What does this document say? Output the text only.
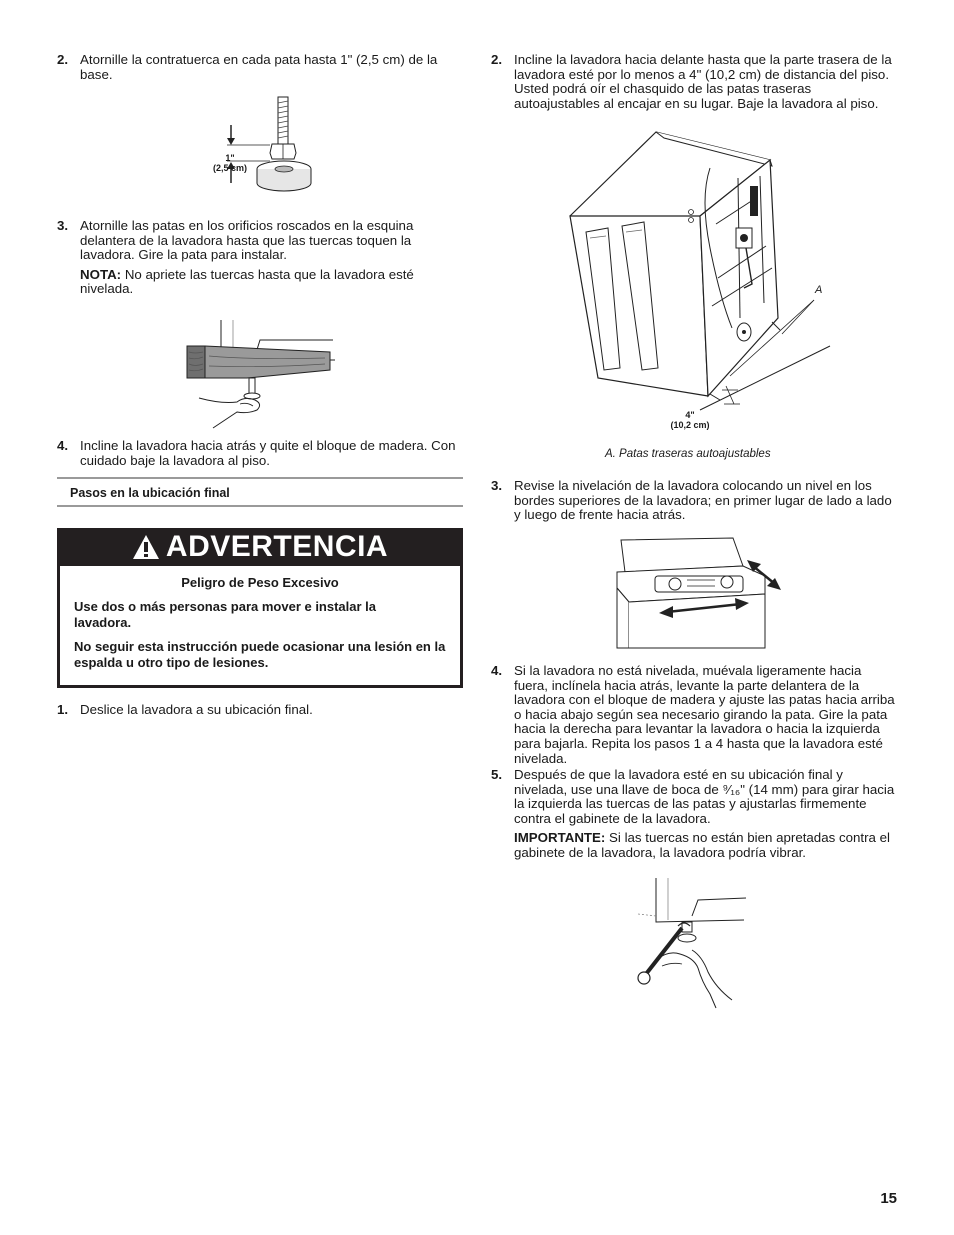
2. Atornille la contratuerca en cada pata hasta 1" (2,5 cm) de la base.
1"
(2,5 cm)
3. Atornille las patas en los orificios roscados en la esquina delantera de la lavadora hasta que las tuercas toquen la lavadora. Gire la pata para instalar.
NOTA: No apriete las tuercas hasta que la lavadora esté nivelada.
4. Incline la lavadora hacia atrás y quite el bloque de madera. Con cuidado baje la lavadora al piso.
Pasos en la ubicación final
ADVERTENCIA
Peligro de Peso Excesivo
Use dos o más personas para mover e instalar la lavadora.
No seguir esta instrucción puede ocasionar una lesión en la espalda u otro tipo de lesiones.
1. Deslice la lavadora a su ubicación final.
2. Incline la lavadora hacia delante hasta que la parte trasera de la lavadora esté por lo menos a 4" (10,2 cm) de distancia del piso. Usted podrá oír el chasquido de las patas traseras autoajustables al encajar en su lugar. Baje la lavadora al piso.
A
4"
(10,2 cm)
A. Patas traseras autoajustables
3. Revise la nivelación de la lavadora colocando un nivel en los bordes superiores de la lavadora; en primer lugar de lado a lado y luego de frente hacia atrás.
4. Si la lavadora no está nivelada, muévala ligeramente hacia fuera, inclínela hacia atrás, levante la parte delantera de la lavadora con el bloque de madera y ajuste las patas hacia arriba o hacia abajo según sea necesario girando la pata. Gire la pata hacia la derecha para levantar la lavadora o hacia la izquierda para bajarla. Repita los pasos 1 a 4 hasta que la lavadora esté nivelada.
5. Después de que la lavadora esté en su ubicación final y nivelada, use una llave de boca de ⁹⁄₁₆" (14 mm) para girar hacia la izquierda las tuercas de las patas y ajustarlas firmemente contra el gabinete de la lavadora.
IMPORTANTE: Si las tuercas no están bien apretadas contra el gabinete de la lavadora, la lavadora podría vibrar.
15
